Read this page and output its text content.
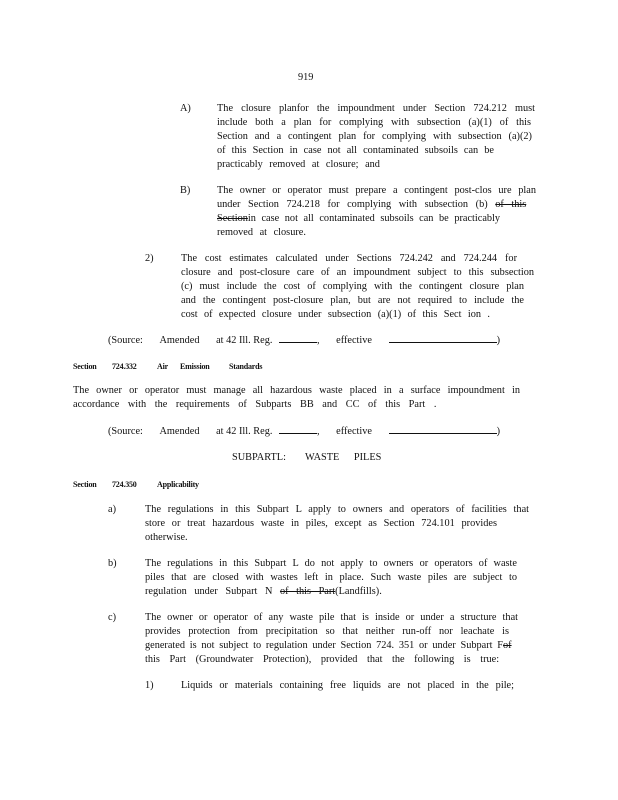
919
A)	The closure planfor the impoundment under Section 724.212 must
include both a plan for complying with subsection (a)(1) of this
Section and a contingent plan for complying with subsection (a)(2)
of this Section in case not all contaminated subsoils can be
practicably removed at closure; and
B)	The owner or operator must prepare a contingent post-clos ure plan
under Section 724.218 for complying with subsection (b) of this
Sectionin case not all contaminated subsoils can be practicably
removed at closure.
2)	The cost estimates calculated under Sections 724.242 and 724.244 for
closure and post-closure care of an impoundment subject to this subsection
(c) must include the cost of complying with the contingent closure plan
and the contingent post-closure plan, but are not required to include the
cost of expected closure under subsection (a)(1) of this Sect ion .
(Source: Amended at 42 Ill. Reg.	, effective	)
Section 724.332	Air Emission Standards
The owner or operator must manage all hazardous waste placed in a surface impoundment in
accordance with the requirements of Subparts BB and CC of this Part .
(Source: Amended at 42 Ill. Reg.	, effective	)
SUBPARTL: WASTE PILES
Section 724.350	Applicability
a)	The regulations in this Subpart L apply to owners and operators of facilities that
store or treat hazardous waste in piles, except as Section 724.101 provides
otherwise.
b)	The regulations in this Subpart L do not apply to owners or operators of waste
piles that are closed with wastes left in place. Such waste piles are subject to
regulation under Subpart N of this Part(Landfills).
c)	The owner or operator of any waste pile that is inside or under a structure that
provides protection from precipitation so that neither run-off nor leachate is
generated is not subject to regulation under Section 724. 351 or under Subpart Fof
this Part (Groundwater Protection), provided that the following is true:
1)	Liquids or materials containing free liquids are not placed in the pile;
